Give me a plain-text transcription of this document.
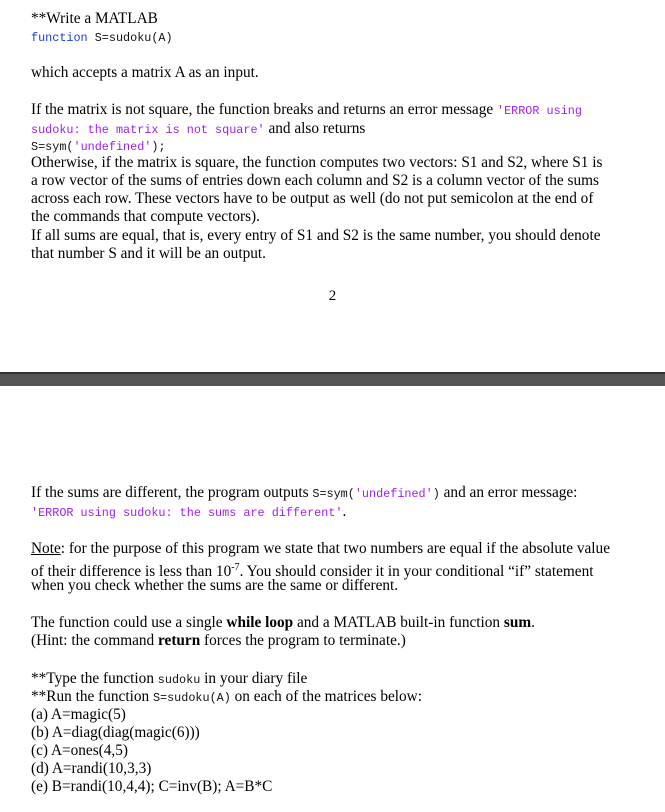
**Write a MATLAB
function S=sudoku(A)
which accepts a matrix A as an input.
If the matrix is not square, the function breaks and returns an error message 'ERROR using
sudoku: the matrix is not square' and also returns
S=sym('undefined');
Otherwise, if the matrix is square, the function computes two vectors: S1 and S2, where S1 is
a row vector of the sums of entries down each column and S2 is a column vector of the sums
across each row. These vectors have to be output as well (do not put semicolon at the end of
the commands that compute vectors).
If all sums are equal, that is, every entry of S1 and S2 is the same number, you should denote
that number S and it will be an output.
2
If the sums are different, the program outputs S=sym('undefined') and an error message:
'ERROR using sudoku: the sums are different'.
Note: for the purpose of this program we state that two numbers are equal if the absolute value
of their difference is less than $10^{-7}$. You should consider it in your conditional “if” statement
when you check whether the sums are the same or different.
The function could use a single while loop and a MATLAB built-in function sum.
(Hint: the command return forces the program to terminate.)
**Type the function sudoku in your diary file
**Run the function S=sudoku(A) on each of the matrices below:
(a) A=magic(5)
(b) A=diag(diag(magic(6)))
(c) A=ones(4,5)
(d) A=randi(10,3,3)
(e) B=randi(10,4,4); C=inv(B); A=B*C
